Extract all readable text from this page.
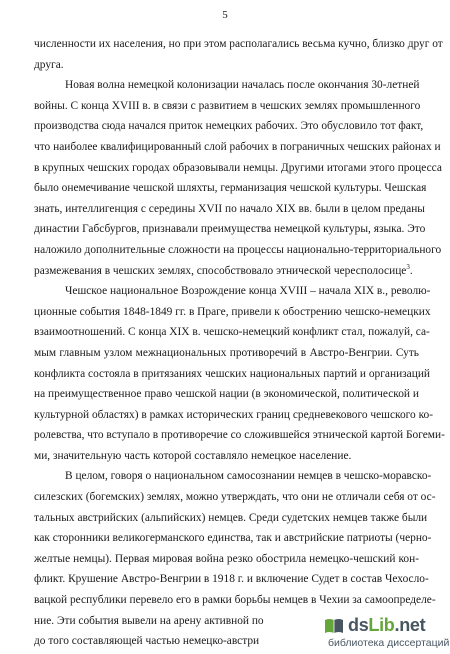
5
численности их населения, но при этом располагались весьма кучно, близко друг от
друга.
Новая волна немецкой колонизации началась после окончания 30-летней
войны. С конца XVIII в. в связи с развитием в чешских землях промышленного
производства сюда начался приток немецких рабочих. Это обусловило тот факт,
что наиболее квалифицированный слой рабочих в пограничных чешских районах и
в крупных чешских городах образовывали немцы. Другими итогами этого процесса
было онемечивание чешской шляхты, германизация чешской культуры. Чешская
знать, интеллигенция с середины XVII по начало XIX вв. были в целом преданы
династии Габсбургов, признавали преимущества немецкой культуры, языка. Это
наложило дополнительные сложности на процессы национально-территориального
размежевания в чешских землях, способствовало этнической чересполосице$^3$.
Чешское национальное Возрождение конца XVIII – начала XIX в., револю-
ционные события 1848-1849 гг. в Праге, привели к обострению чешско-немецких
взаимоотношений. С конца XIX в. чешско-немецкий конфликт стал, пожалуй, са-
мым главным узлом межнациональных противоречий в Австро-Венгрии. Суть
конфликта состояла в притязаниях чешских национальных партий и организаций
на преимущественное право чешской нации (в экономической, политической и
культурной областях) в рамках исторических границ средневекового чешского ко-
ролевства, что вступало в противоречие со сложившейся этнической картой Богеми-
ми, значительную часть которой составляло немецкое население.
В целом, говоря о национальном самосознании немцев в чешско-моравско-
силезских (богемских) землях, можно утверждать, что они не отличали себя от ос-
тальных австрийских (альпийских) немцев. Среди судетских немцев также были
как сторонники великогерманского единства, так и австрийские патриоты (черно-
желтые немцы). Первая мировая война резко обострила немецко-чешский кон-
фликт. Крушение Австро-Венгрии в 1918 г. и включение Судет в состав Чехосло-
вацкой республики перевело его в рамки борьбы немцев в Чехии за самоопределе-
ние. Эти события вывели на арену активной по
до того составляющей частью немецко-австри
dsLib.net
библиотека диссертаций
